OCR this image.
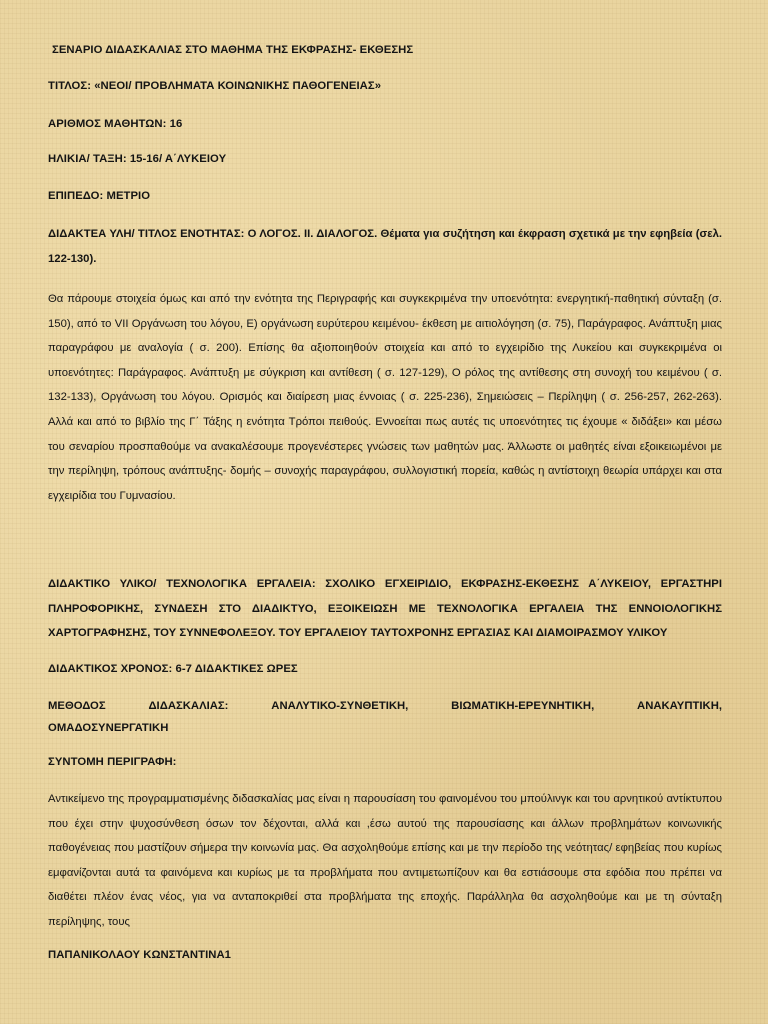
ΣΕΝΑΡΙΟ ΔΙΔΑΣΚΑΛΙΑΣ ΣΤΟ ΜΑΘΗΜΑ ΤΗΣ ΕΚΦΡΑΣΗΣ- ΕΚΘΕΣΗΣ
ΤΙΤΛΟΣ: «ΝΕΟΙ/ ΠΡΟΒΛΗΜΑΤΑ ΚΟΙΝΩΝΙΚΗΣ ΠΑΘΟΓΕΝΕΙΑΣ»
ΑΡΙΘΜΟΣ ΜΑΘΗΤΩΝ: 16
ΗΛΙΚΙΑ/ ΤΑΞΗ: 15-16/ Α΄ΛΥΚΕΙΟΥ
ΕΠΙΠΕΔΟ: ΜΕΤΡΙΟ
ΔΙΔΑΚΤΕΑ ΥΛΗ/ ΤΙΤΛΟΣ ΕΝΟΤΗΤΑΣ: Ο ΛΟΓΟΣ. ΙΙ. ΔΙΑΛΟΓΟΣ. Θέματα για συζήτηση και έκφραση σχετικά με την εφηβεία (σελ. 122-130).
Θα πάρουμε στοιχεία όμως και από την ενότητα της Περιγραφής και συγκεκριμένα την υποενότητα: ενεργητική-παθητική σύνταξη (σ. 150), από το VII Οργάνωση του λόγου, Ε) οργάνωση ευρύτερου κειμένου- έκθεση με αιτιολόγηση (σ. 75), Παράγραφος. Ανάπτυξη μιας παραγράφου με αναλογία ( σ. 200). Επίσης θα αξιοποιηθούν στοιχεία και από το εγχειρίδιο της Λυκείου και συγκεκριμένα οι υποενότητες: Παράγραφος. Ανάπτυξη με σύγκριση και αντίθεση ( σ. 127-129), Ο ρόλος της αντίθεσης στη συνοχή του κειμένου ( σ. 132-133), Οργάνωση του λόγου. Ορισμός και διαίρεση μιας έννοιας ( σ. 225-236), Σημειώσεις – Περίληψη ( σ. 256-257, 262-263). Αλλά και από το βιβλίο της Γ΄ Τάξης η ενότητα Τρόποι πειθούς. Εννοείται πως αυτές τις υποενότητες τις έχουμε « διδάξει» και μέσω του σεναρίου προσπαθούμε να ανακαλέσουμε προγενέστερες γνώσεις των μαθητών μας. Άλλωστε οι μαθητές είναι εξοικειωμένοι με την περίληψη, τρόπους ανάπτυξης- δομής – συνοχής παραγράφου, συλλογιστική πορεία, καθώς η αντίστοιχη θεωρία υπάρχει και στα εγχειρίδια του Γυμνασίου.
ΔΙΔΑΚΤΙΚΟ ΥΛΙΚΟ/ ΤΕΧΝΟΛΟΓΙΚΑ ΕΡΓΑΛΕΙΑ: ΣΧΟΛΙΚΟ ΕΓΧΕΙΡΙΔΙΟ, ΕΚΦΡΑΣΗΣ-ΕΚΘΕΣΗΣ Α΄ΛΥΚΕΙΟΥ, ΕΡΓΑΣΤΗΡΙ ΠΛΗΡΟΦΟΡΙΚΗΣ, ΣΥΝΔΕΣΗ ΣΤΟ ΔΙΑΔΙΚΤΥΟ, ΕΞΟΙΚΕΙΩΣΗ ΜΕ ΤΕΧΝΟΛΟΓΙΚΑ ΕΡΓΑΛΕΙΑ ΤΗΣ ΕΝΝΟΙΟΛΟΓΙΚΗΣ ΧΑΡΤΟΓΡΑΦΗΣΗΣ, ΤΟΥ ΣΥΝΝΕΦΟΛΕΞΟΥ. ΤΟΥ ΕΡΓΑΛΕΙΟΥ ΤΑΥΤΟΧΡΟΝΗΣ ΕΡΓΑΣΙΑΣ ΚΑΙ ΔΙΑΜΟΙΡΑΣΜΟΥ ΥΛΙΚΟΥ
ΔΙΔΑΚΤΙΚΟΣ ΧΡΟΝΟΣ: 6-7 ΔΙΔΑΚΤΙΚΕΣ ΩΡΕΣ
ΜΕΘΟΔΟΣ	ΔΙΔΑΣΚΑΛΙΑΣ:	ΑΝΑΛΥΤΙΚΟ-ΣΥΝΘΕΤΙΚΗ,	ΒΙΩΜΑΤΙΚΗ-ΕΡΕΥΝΗΤΙΚΗ,	ΑΝΑΚΑΥΠΤΙΚΗ,
ΟΜΑΔΟΣΥΝΕΡΓΑΤΙΚΗ
ΣΥΝΤΟΜΗ ΠΕΡΙΓΡΑΦΗ:
Αντικείμενο της προγραμματισμένης διδασκαλίας μας είναι η παρουσίαση του φαινομένου του μπούλινγκ και του αρνητικού αντίκτυπου που έχει στην ψυχοσύνθεση όσων τον δέχονται, αλλά και ,έσω αυτού της παρουσίασης και άλλων προβλημάτων κοινωνικής παθογένειας που μαστίζουν σήμερα την κοινωνία μας. Θα ασχοληθούμε επίσης και με την περίοδο της νεότητας/ εφηβείας που κυρίως εμφανίζονται αυτά τα φαινόμενα και κυρίως με τα προβλήματα που αντιμετωπίζουν και θα εστιάσουμε στα εφόδια που πρέπει να διαθέτει πλέον ένας νέος, για να ανταποκριθεί στα προβλήματα της εποχής. Παράλληλα θα ασχοληθούμε και με τη σύνταξη περίληψης, τους
ΠΑΠΑΝΙΚΟΛΑΟΥ ΚΩΝΣΤΑΝΤΙΝΑ1
